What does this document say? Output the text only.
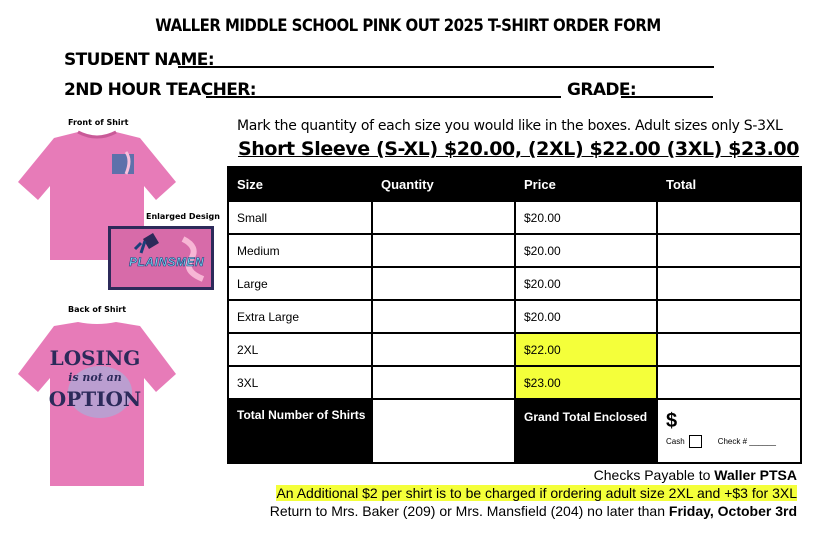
WALLER MIDDLE SCHOOL PINK OUT 2025 T-SHIRT ORDER FORM
STUDENT NAME:
2ND HOUR TEACHER:	GRADE:
Front of Shirt
Enlarged Design
PLAINSMEN
Back of Shirt
LOSING
is not an
OPTION
Mark the quantity of each size you would like in the boxes. Adult sizes only S-3XL
Short Sleeve (S-XL) $20.00, (2XL) $22.00 (3XL) $23.00
Size	Quantity	Price	Total
Small		$20.00	
Medium		$20.00	
Large		$20.00	
Extra Large		$20.00	
2XL		$22.00	
3XL		$23.00	
Total Number of Shirts		Grand Total Enclosed	$
Cash Check # ______
Checks Payable to Waller PTSA
An Additional $2 per shirt is to be charged if ordering adult size 2XL and +$3 for 3XL
Return to Mrs. Baker (209) or Mrs. Mansfield (204) no later than Friday, October 3rd
